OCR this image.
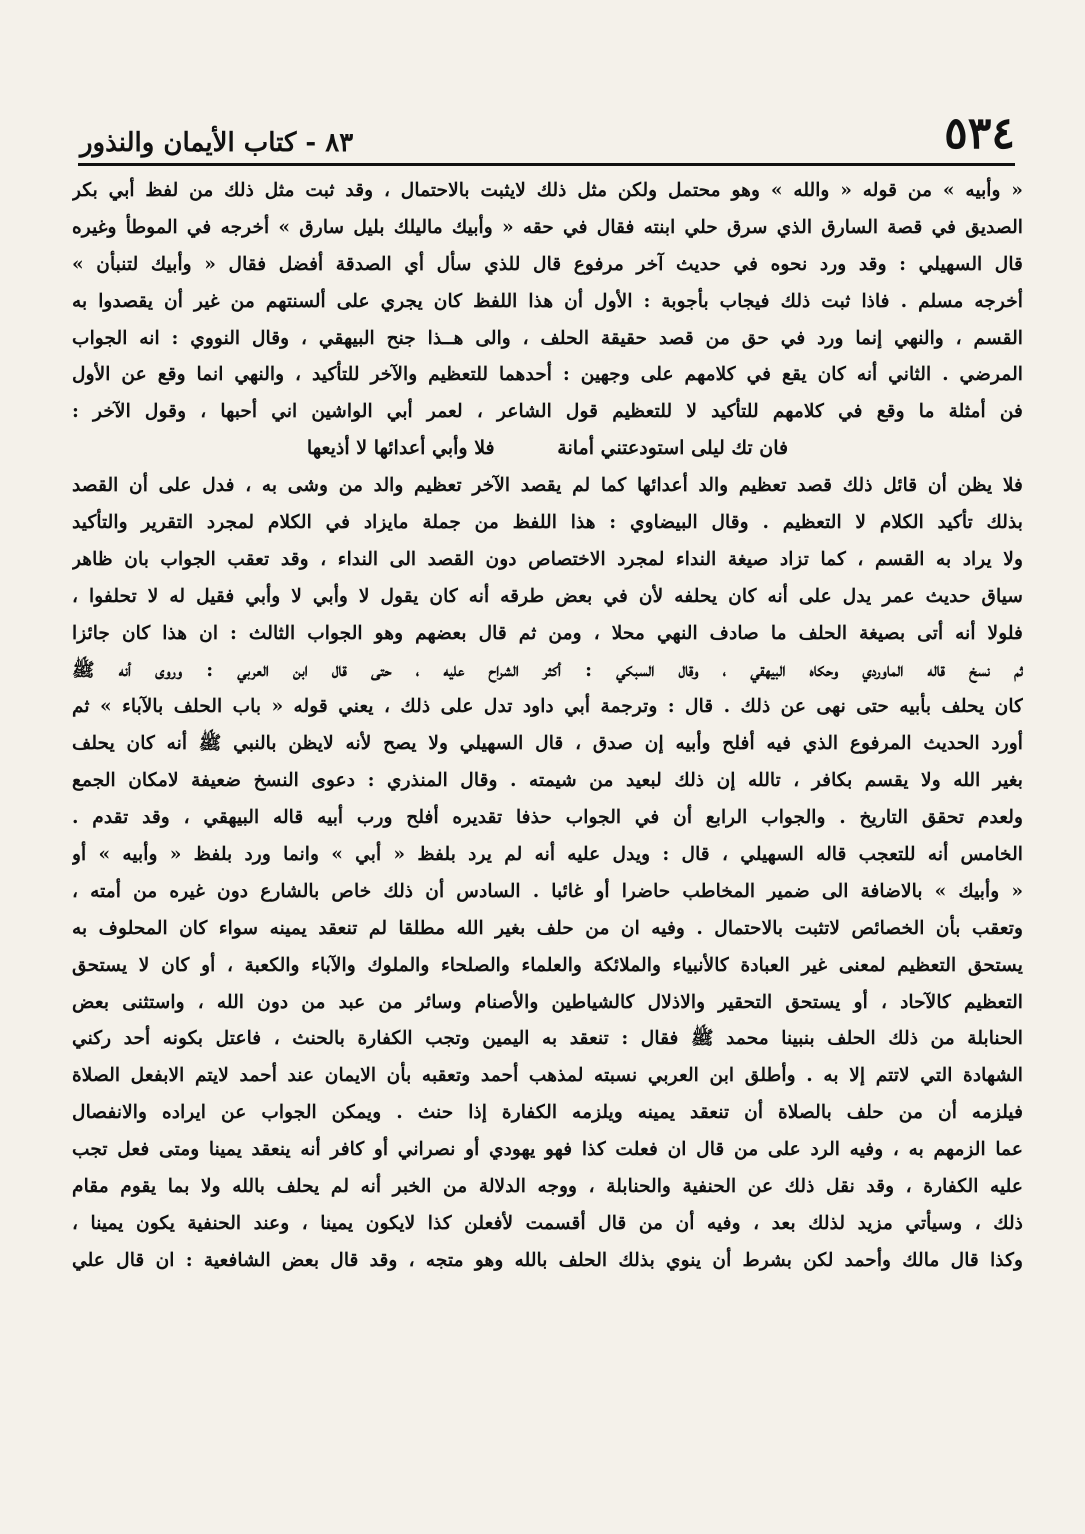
٥٣٤
٨٣ - كتاب الأيمان والنذور
« وأبيه » من قوله « والله » وهو محتمل ولكن مثل ذلك لايثبت بالاحتمال ، وقد ثبت مثل ذلك من لفظ أبي بكر
الصديق في قصة السارق الذي سرق حلي ابنته فقال في حقه « وأبيك ماليلك بليل سارق » أخرجه في الموطأ وغيره
قال السهيلي : وقد ورد نحوه في حديث آخر مرفوع قال للذي سأل أي الصدقة أفضل فقال « وأبيك لتنبأن »
أخرجه مسلم . فاذا ثبت ذلك فيجاب بأجوبة : الأول أن هذا اللفظ كان يجري على ألسنتهم من غير أن يقصدوا به
القسم ، والنهي إنما ورد في حق من قصد حقيقة الحلف ، والى هــذا جنح البيهقي ، وقال النووي : انه الجواب
المرضي . الثاني أنه كان يقع في كلامهم على وجهين : أحدهما للتعظيم والآخر للتأكيد ، والنهي انما وقع عن الأول
فن أمثلة ما وقع في كلامهم للتأكيد لا للتعظيم قول الشاعر ، لعمر أبي الواشين اني أحبها ، وقول الآخر :
فان تك ليلى استودعتني أمانة فلا وأبي أعدائها لا أذيعها
فلا يظن أن قائل ذلك قصد تعظيم والد أعدائها كما لم يقصد الآخر تعظيم والد من وشى به ، فدل على أن القصد
بذلك تأكيد الكلام لا التعظيم . وقال البيضاوي : هذا اللفظ من جملة مايزاد في الكلام لمجرد التقرير والتأكيد
ولا يراد به القسم ، كما تزاد صيغة النداء لمجرد الاختصاص دون القصد الى النداء ، وقد تعقب الجواب بان ظاهر
سياق حديث عمر يدل على أنه كان يحلفه لأن في بعض طرقه أنه كان يقول لا وأبي لا وأبي فقيل له لا تحلفوا ،
فلولا أنه أتى بصيغة الحلف ما صادف النهي محلا ، ومن ثم قال بعضهم وهو الجواب الثالث : ان هذا كان جائزا
ثم نسخ قاله الماوردي وحكاه البيهقي ، وقال السبكي : أكثر الشراح عليه ، حتى قال ابن العربي : وروى أنه ﷺ
كان يحلف بأبيه حتى نهى عن ذلك . قال : وترجمة أبي داود تدل على ذلك ، يعني قوله « باب الحلف بالآباء » ثم
أورد الحديث المرفوع الذي فيه أفلح وأبيه إن صدق ، قال السهيلي ولا يصح لأنه لايظن بالنبي ﷺ أنه كان يحلف
بغير الله ولا يقسم بكافر ، تالله إن ذلك لبعيد من شيمته . وقال المنذري : دعوى النسخ ضعيفة لامكان الجمع
ولعدم تحقق التاريخ . والجواب الرابع أن في الجواب حذفا تقديره أفلح ورب أبيه قاله البيهقي ، وقد تقدم .
الخامس أنه للتعجب قاله السهيلي ، قال : ويدل عليه أنه لم يرد بلفظ « أبي » وانما ورد بلفظ « وأبيه » أو
« وأبيك » بالاضافة الى ضمير المخاطب حاضرا أو غائبا . السادس أن ذلك خاص بالشارع دون غيره من أمته ،
وتعقب بأن الخصائص لاتثبت بالاحتمال . وفيه ان من حلف بغير الله مطلقا لم تنعقد يمينه سواء كان المحلوف به
يستحق التعظيم لمعنى غير العبادة كالأنبياء والملائكة والعلماء والصلحاء والملوك والآباء والكعبة ، أو كان لا يستحق
التعظيم كالآحاد ، أو يستحق التحقير والاذلال كالشياطين والأصنام وسائر من عبد من دون الله ، واستثنى بعض
الحنابلة من ذلك الحلف بنبينا محمد ﷺ فقال : تنعقد به اليمين وتجب الكفارة بالحنث ، فاعتل بكونه أحد ركني
الشهادة التي لاتتم إلا به . وأطلق ابن العربي نسبته لمذهب أحمد وتعقبه بأن الايمان عند أحمد لايتم الابفعل الصلاة
فيلزمه أن من حلف بالصلاة أن تنعقد يمينه ويلزمه الكفارة إذا حنث . ويمكن الجواب عن ايراده والانفصال
عما الزمهم به ، وفيه الرد على من قال ان فعلت كذا فهو يهودي أو نصراني أو كافر أنه ينعقد يمينا ومتى فعل تجب
عليه الكفارة ، وقد نقل ذلك عن الحنفية والحنابلة ، ووجه الدلالة من الخبر أنه لم يحلف بالله ولا بما يقوم مقام
ذلك ، وسيأتي مزيد لذلك بعد ، وفيه أن من قال أقسمت لأفعلن كذا لايكون يمينا ، وعند الحنفية يكون يمينا ،
وكذا قال مالك وأحمد لكن بشرط أن ينوي بذلك الحلف بالله وهو متجه ، وقد قال بعض الشافعية : ان قال علي
